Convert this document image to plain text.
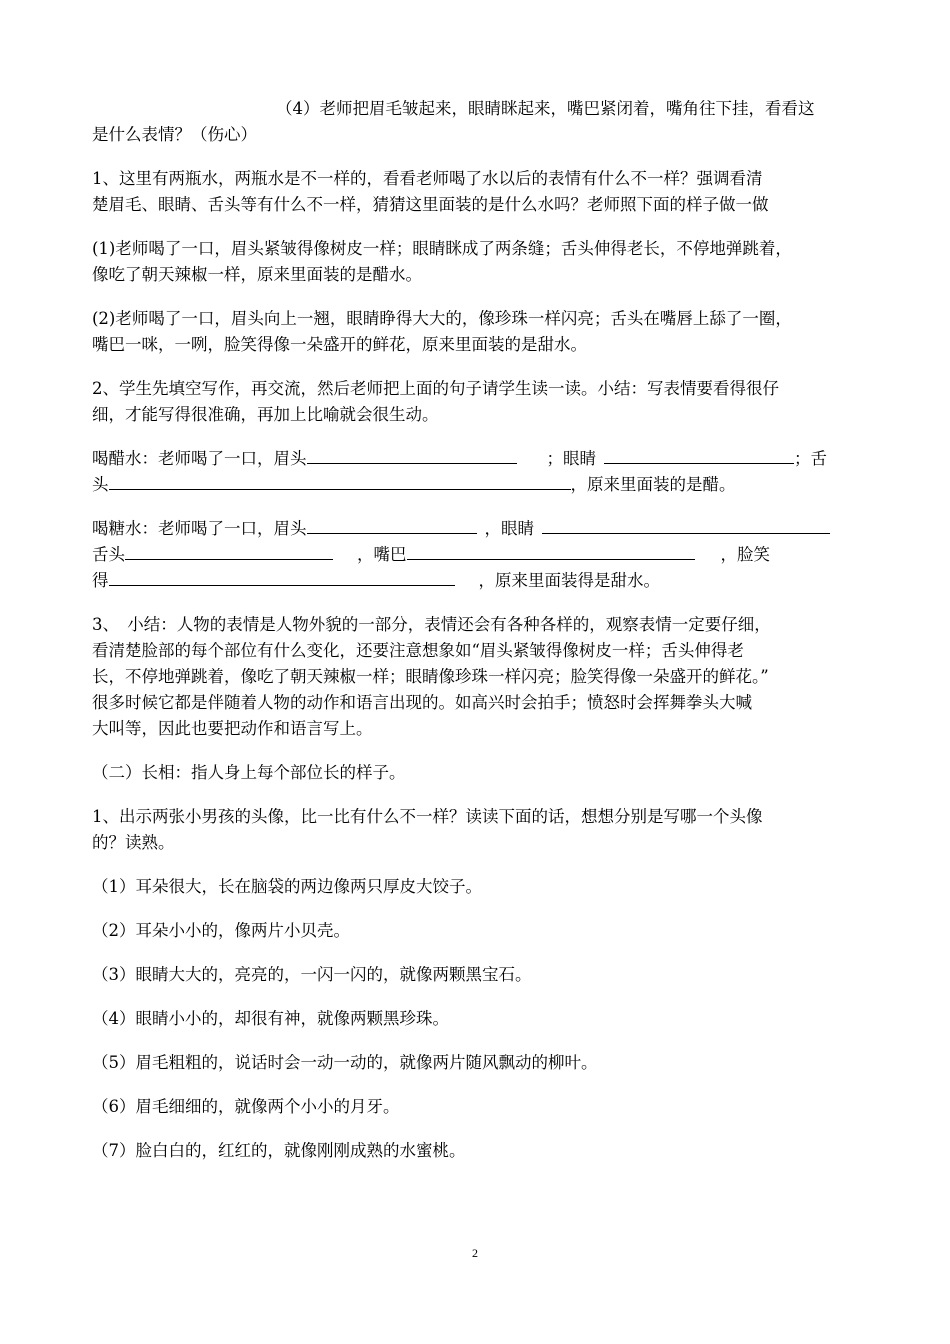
（4）老师把眉毛皱起来，眼睛眯起来，嘴巴紧闭着，嘴角往下挂，看看这
是什么表情？（伤心）
1、这里有两瓶水，两瓶水是不一样的，看看老师喝了水以后的表情有什么不一样？强调看清
楚眉毛、眼睛、舌头等有什么不一样，猜猜这里面装的是什么水吗？老师照下面的样子做一做
(1)老师喝了一口，眉头紧皱得像树皮一样；眼睛眯成了两条缝；舌头伸得老长，不停地弹跳着，
像吃了朝天辣椒一样，原来里面装的是醋水。
(2)老师喝了一口，眉头向上一翘，眼睛睁得大大的，像珍珠一样闪亮；舌头在嘴唇上舔了一圈，
嘴巴一咪，一咧，脸笑得像一朵盛开的鲜花，原来里面装的是甜水。
2、学生先填空写作，再交流，然后老师把上面的句子请学生读一读。小结：写表情要看得很仔
细，才能写得很准确，再加上比喻就会很生动。
喝醋水：老师喝了一口，眉头	；眼睛	；舌
头	，原来里面装的是醋。
喝糖水：老师喝了一口，眉头	，眼睛
舌头	，嘴巴	，脸笑
得	，原来里面装得是甜水。
3、　小结：人物的表情是人物外貌的一部分，表情还会有各种各样的，观察表情一定要仔细，
看清楚脸部的每个部位有什么变化，还要注意想象如“眉头紧皱得像树皮一样；舌头伸得老
长，不停地弹跳着，像吃了朝天辣椒一样；眼睛像珍珠一样闪亮；脸笑得像一朵盛开的鲜花。”
很多时候它都是伴随着人物的动作和语言出现的。如高兴时会拍手；愤怒时会挥舞拳头大喊
大叫等，因此也要把动作和语言写上。
（二）长相：指人身上每个部位长的样子。
1、出示两张小男孩的头像，比一比有什么不一样？读读下面的话，想想分别是写哪一个头像
的？读熟。
（1）耳朵很大，长在脑袋的两边像两只厚皮大饺子。
（2）耳朵小小的，像两片小贝壳。
（3）眼睛大大的，亮亮的，一闪一闪的，就像两颗黑宝石。
（4）眼睛小小的，却很有神，就像两颗黑珍珠。
（5）眉毛粗粗的，说话时会一动一动的，就像两片随风飘动的柳叶。
（6）眉毛细细的，就像两个小小的月牙。
（7）脸白白的，红红的，就像刚刚成熟的水蜜桃。
2
